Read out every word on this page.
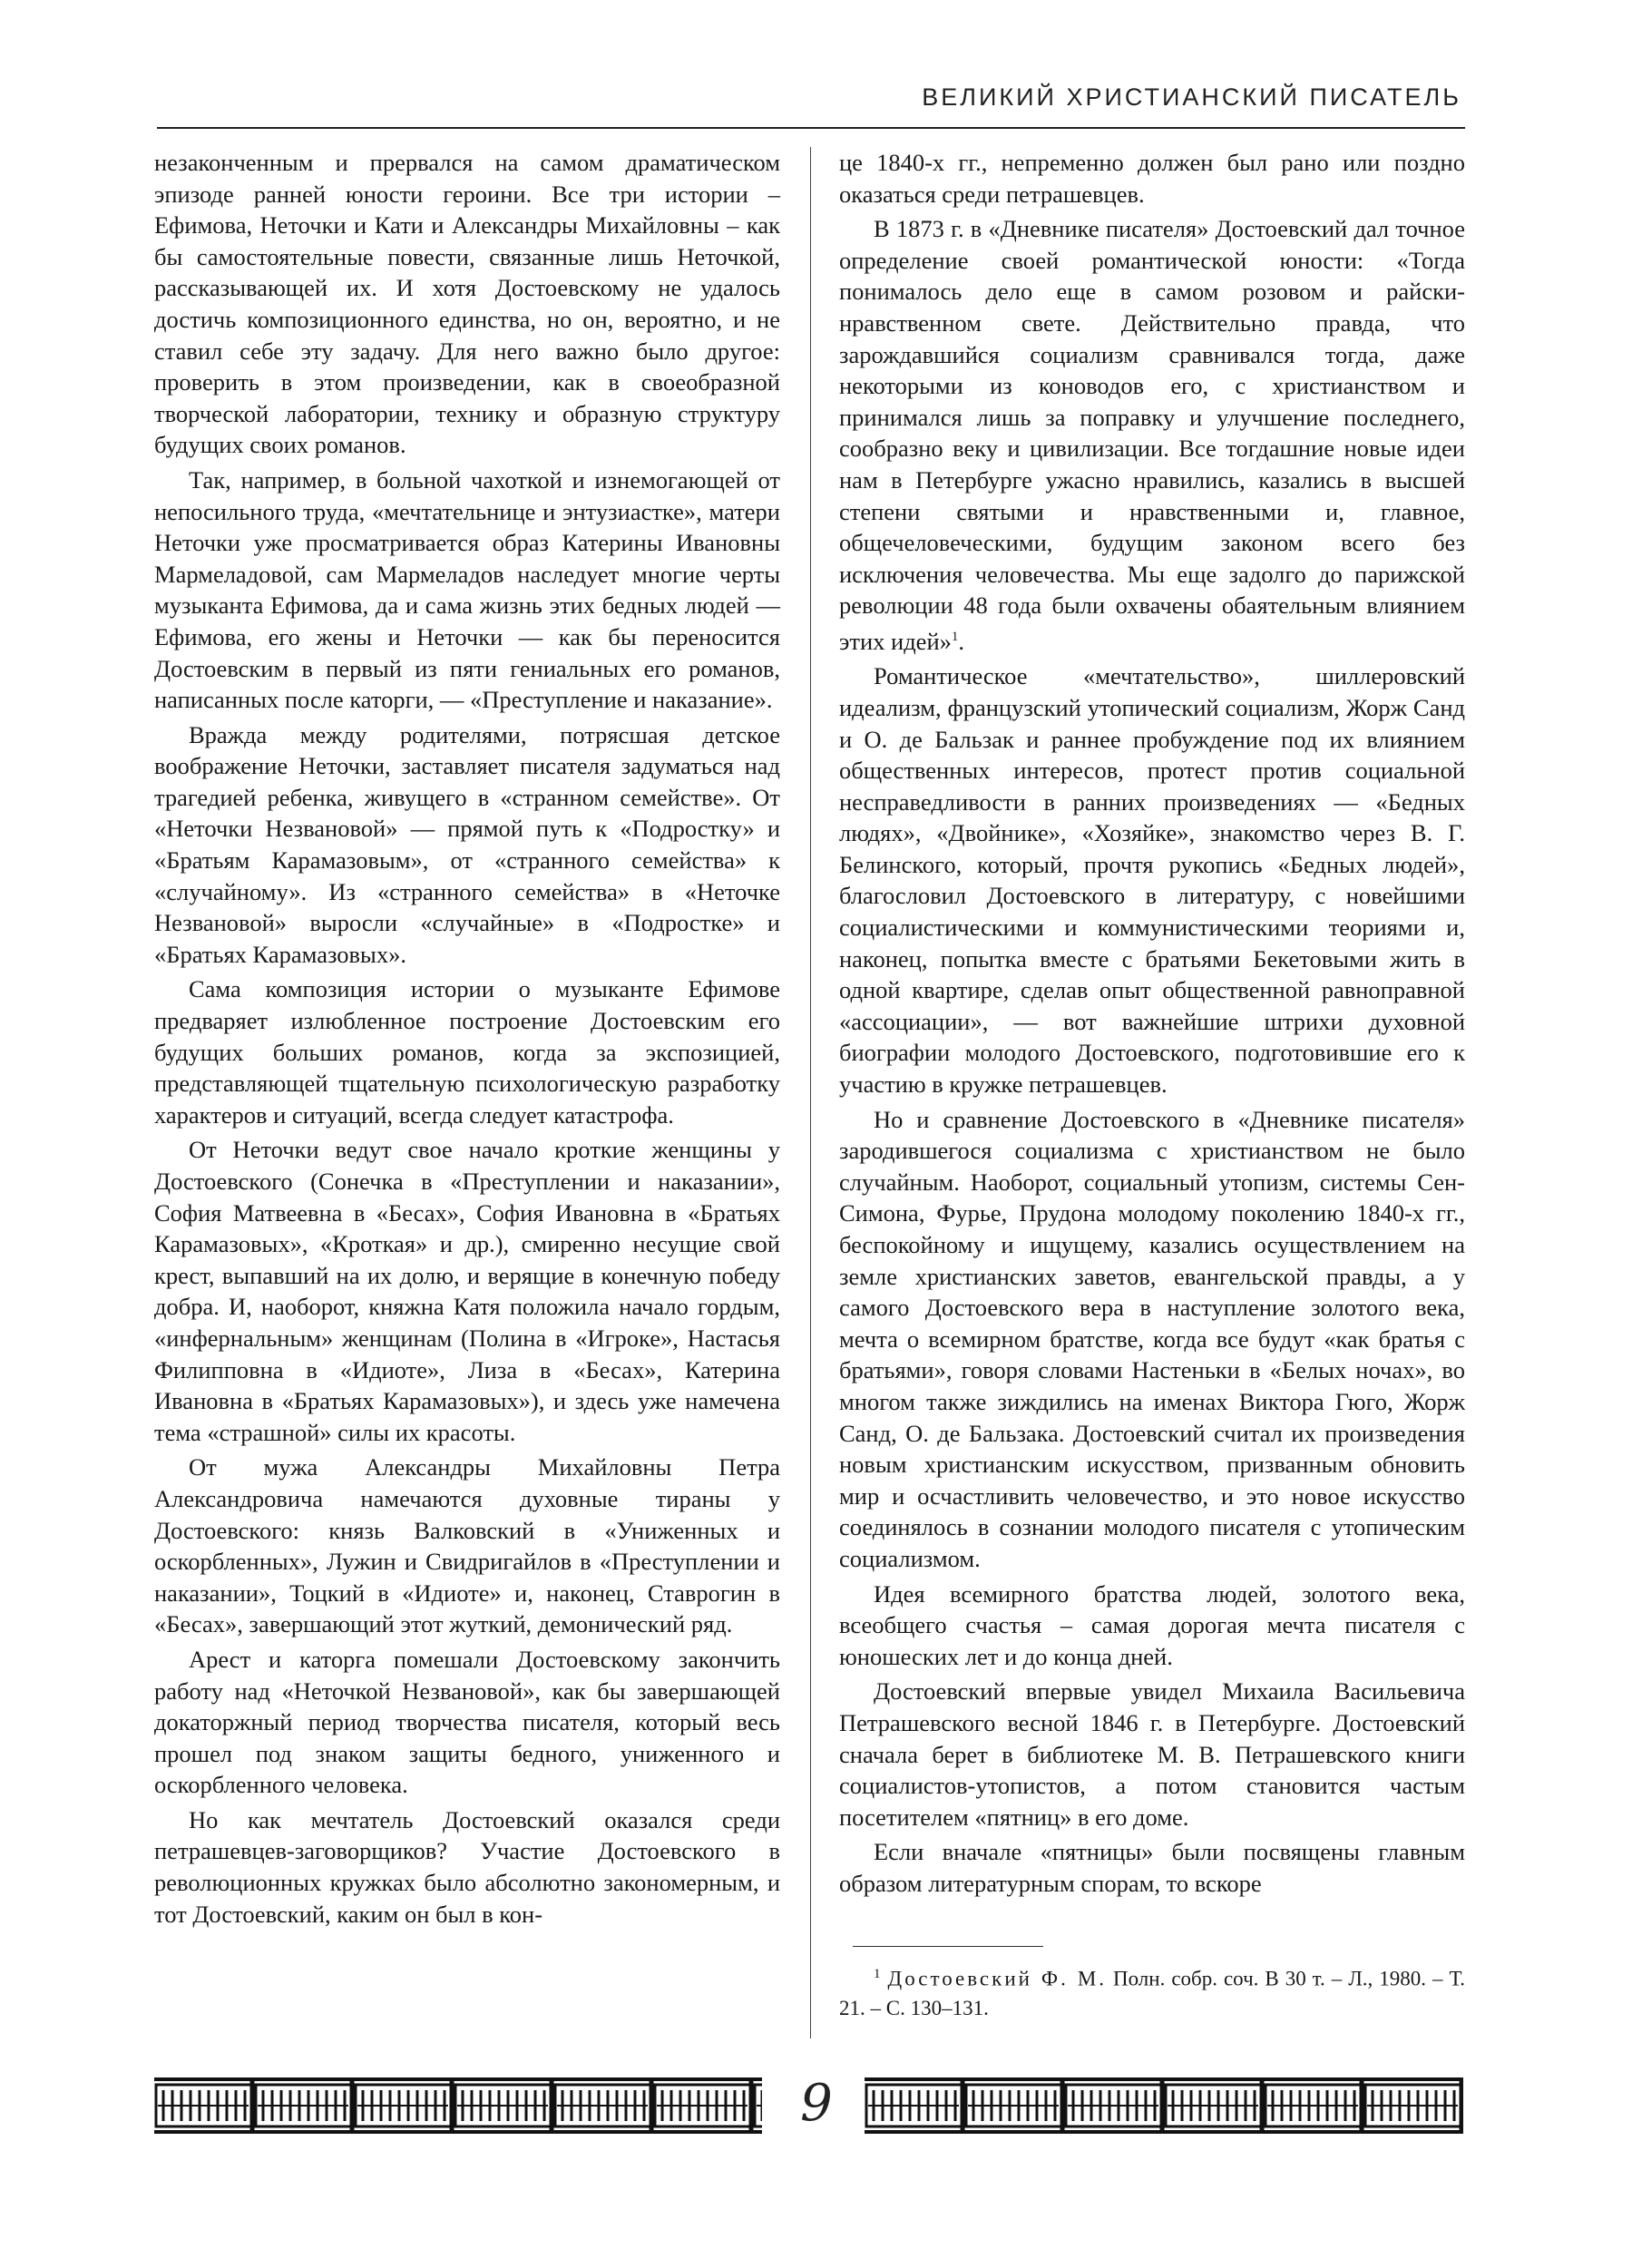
ВЕЛИКИЙ ХРИСТИАНСКИЙ ПИСАТЕЛЬ

незаконченным и прервался на самом драматическом эпизоде ранней юности героини. Все три истории – Ефимова, Неточки и Кати и Александры Михайловны – как бы самостоятельные повести, связанные лишь Неточкой, рассказывающей их. И хотя Достоевскому не удалось достичь композиционного единства, но он, вероятно, и не ставил себе эту задачу. Для него важно было другое: проверить в этом произведении, как в своеобразной творческой лаборатории, технику и образную структуру будущих своих романов.

Так, например, в больной чахоткой и изнемогающей от непосильного труда, «мечтательнице и энтузиастке», матери Неточки уже просматривается образ Катерины Ивановны Мармеладовой, сам Мармеладов наследует многие черты музыканта Ефимова, да и сама жизнь этих бедных людей — Ефимова, его жены и Неточки — как бы переносится Достоевским в первый из пяти гениальных его романов, написанных после каторги, — «Преступление и наказание».

Вражда между родителями, потрясшая детское воображение Неточки, заставляет писателя задуматься над трагедией ребенка, живущего в «странном семействе». От «Неточки Незвановой» — прямой путь к «Подростку» и «Братьям Карамазовым», от «странного семейства» к «случайному». Из «странного семейства» в «Неточке Незвановой» выросли «случайные» в «Подростке» и «Братьях Карамазовых».

Сама композиция истории о музыканте Ефимове предваряет излюбленное построение Достоевским его будущих больших романов, когда за экспозицией, представляющей тщательную психологическую разработку характеров и ситуаций, всегда следует катастрофа.

От Неточки ведут свое начало кроткие женщины у Достоевского (Сонечка в «Преступлении и наказании», София Матвеевна в «Бесах», София Ивановна в «Братьях Карамазовых», «Кроткая» и др.), смиренно несущие свой крест, выпавший на их долю, и верящие в конечную победу добра. И, наоборот, княжна Катя положила начало гордым, «инфернальным» женщинам (Полина в «Игроке», Настасья Филипповна в «Идиоте», Лиза в «Бесах», Катерина Ивановна в «Братьях Карамазовых»), и здесь уже намечена тема «страшной» силы их красоты.

От мужа Александры Михайловны Петра Александровича намечаются духовные тираны у Достоевского: князь Валковский в «Униженных и оскорбленных», Лужин и Свидригайлов в «Преступлении и наказании», Тоцкий в «Идиоте» и, наконец, Ставрогин в «Бесах», завершающий этот жуткий, демонический ряд.

Арест и каторга помешали Достоевскому закончить работу над «Неточкой Незвановой», как бы завершающей докаторжный период творчества писателя, который весь прошел под знаком защиты бедного, униженного и оскорбленного человека.

Но как мечтатель Достоевский оказался среди петрашевцев-заговорщиков? Участие Достоевского в революционных кружках было абсолютно закономерным, и тот Достоевский, каким он был в кон-

це 1840-х гг., непременно должен был рано или поздно оказаться среди петрашевцев.

В 1873 г. в «Дневнике писателя» Достоевский дал точное определение своей романтической юности: «Тогда понималось дело еще в самом розовом и райски-нравственном свете. Действительно правда, что зарождавшийся социализм сравнивался тогда, даже некоторыми из коноводов его, с христианством и принимался лишь за поправку и улучшение последнего, сообразно веку и цивилизации. Все тогдашние новые идеи нам в Петербурге ужасно нравились, казались в высшей степени святыми и нравственными и, главное, общечеловеческими, будущим законом всего без исключения человечества. Мы еще задолго до парижской революции 48 года были охвачены обаятельным влиянием этих идей»$^1$.

Романтическое «мечтательство», шиллеровский идеализм, французский утопический социализм, Жорж Санд и О. де Бальзак и раннее пробуждение под их влиянием общественных интересов, протест против социальной несправедливости в ранних произведениях — «Бедных людях», «Двойнике», «Хозяйке», знакомство через В. Г. Белинского, который, прочтя рукопись «Бедных людей», благословил Достоевского в литературу, с новейшими социалистическими и коммунистическими теориями и, наконец, попытка вместе с братьями Бекетовыми жить в одной квартире, сделав опыт общественной равноправной «ассоциации», — вот важнейшие штрихи духовной биографии молодого Достоевского, подготовившие его к участию в кружке петрашевцев.

Но и сравнение Достоевского в «Дневнике писателя» зародившегося социализма с христианством не было случайным. Наоборот, социальный утопизм, системы Сен-Симона, Фурье, Прудона молодому поколению 1840-х гг., беспокойному и ищущему, казались осуществлением на земле христианских заветов, евангельской правды, а у самого Достоевского вера в наступление золотого века, мечта о всемирном братстве, когда все будут «как братья с братьями», говоря словами Настеньки в «Белых ночах», во многом также зиждились на именах Виктора Гюго, Жорж Санд, О. де Бальзака. Достоевский считал их произведения новым христианским искусством, призванным обновить мир и осчастливить человечество, и это новое искусство соединялось в сознании молодого писателя с утопическим социализмом.

Идея всемирного братства людей, золотого века, всеобщего счастья – самая дорогая мечта писателя с юношеских лет и до конца дней.

Достоевский впервые увидел Михаила Васильевича Петрашевского весной 1846 г. в Петербурге. Достоевский сначала берет в библиотеке М. В. Петрашевского книги социалистов-утопистов, а потом становится частым посетителем «пятниц» в его доме.

Если вначале «пятницы» были посвящены главным образом литературным спорам, то вскоре

$^1$ Достоевский Ф. М. Полн. собр. соч. В 30 т. – Л., 1980. – Т. 21. – С. 130–131.
9
